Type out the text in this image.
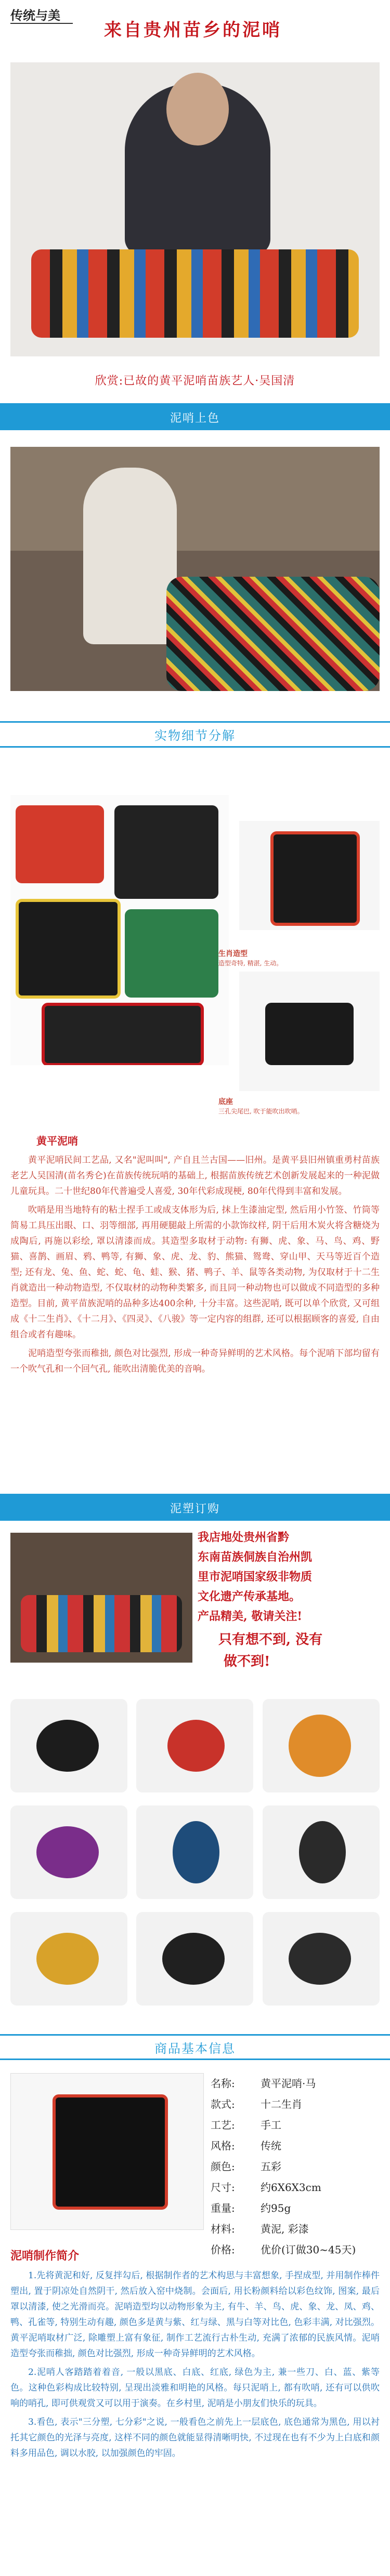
传统与美
来自贵州苗乡的泥哨
欣赏:已故的黄平泥哨苗族艺人·吴国清
泥哨上色
实物细节分解
生肖造型
造型奇特, 精湛, 生动。
底座
三孔尖尾巴, 吹于能吹出吹哨。
黄平泥哨

黄平泥哨民间工艺品, 又名"泥叫叫", 产自且兰古国——旧州。是黄平县旧州镇重勇村苗族老艺人吴国清(苗名秀仑)在苗族传统玩哨的基础上, 根据苗族传统艺术创新发展起来的一种泥做儿童玩具。二十世纪80年代普遍受人喜爱, 30年代彩成现梗, 80年代得到丰富和发展。

吹哨是用当地特有的粘土捏手工或成支体形为后, 抹上生漆油定型, 然后用小竹签、竹筒等简易工具压出眼、口、羽等细部, 再用硬腿敲上所需的小款饰纹样, 阴干后用木炭火将含糖烧为成陶后, 再施以彩绘, 罩以清漆而成。其造型多取材于动物: 有狮、虎、象、马、鸟、鸡、野猫、喜鹊、画眉、鸦、鸭等, 有狮、象、虎、龙、豹、熊猫、鸳鸯、穿山甲、天马等近百个造型; 还有龙、兔、鱼、蛇、蛇、龟、蛙、猴、猪、鸭子、羊、鼠等各类动物, 为仅取材于十二生肖就造出一种动物造型, 不仅取材的动物种类繁多, 而且同一种动物也可以做成不同造型的多种造型。目前, 黄平苗族泥哨的品种多达400余种, 十分丰富。这些泥哨, 既可以单个欣赏, 又可组成《十二生肖》、《十二月》、《四灵》、《八骏》等一定内容的组群, 还可以根据顾客的喜爱, 自由组合或者有趣味。

泥哨造型夸张而稚拙, 颜色对比强烈, 形成一种奇异鲜明的艺术风格。每个泥哨下部均留有一个吹气孔和一个回气孔, 能吹出清脆优美的音响。

泥塑订购
我店地处贵州省黔
东南苗族侗族自治州凯
里市泥哨国家级非物质
文化遗产传承基地。
产品精美, 敬请关注!
只有想不到, 没有
做不到!
商品基本信息
名称: 黄平泥哨·马
款式: 十二生肖
工艺: 手工
风格: 传统
颜色: 五彩
尺寸: 约6X6X3cm
重量: 约95g
材料: 黄泥, 彩漆
价格: 优价(订做30~45天)
泥哨制作简介

1.先将黄泥和好, 反复拌勾后, 根据制作者的艺术构思与丰富想象, 手捏成型, 并用制作棒件塑出, 置于阴凉处自然阴干, 然后放入窑中烧制。会面后, 用长粉颜料给以彩色纹饰, 图案, 最后罩以清漆, 使之光滑而亮。泥哨造型均以动物形象为主, 有牛、羊、鸟、虎、象、龙、凤、鸡、鸭、孔雀等, 特别生动有趣, 颜色多是黄与紫、红与绿、黑与白等对比色, 色彩丰满, 对比强烈。黄平泥哨取材广泛, 除雕塑上富有象征, 制作工艺流行古朴生动, 充满了浓郁的民族风情。泥哨造型夸张而稚拙, 颜色对比强烈, 形成一种奇异鲜明的艺术风格。

2.泥哨人客踏踏着着音, 一般以黑底、白底、红底, 绿色为主, 兼一些刀、白、蓝、紫等色。这种色彩构成比较特别, 呈现出淡雅和明艳的风格。每只泥哨上, 都有吹哨, 还有可以供吹响的哨孔, 即可供观赏又可以用于演奏。在乡村里, 泥哨是小朋友们快乐的玩具。

3.看色, 表示"三分塑, 七分彩"之说, 一般看色之前先上一层底色, 底色通常为黑色, 用以衬托其它颜色的光泽与亮度, 这样不同的颜色就能显得清晰明快, 不过现在也有不少为上白底和颜料多用品色, 调以水胶, 以加强颜色的牢固。
